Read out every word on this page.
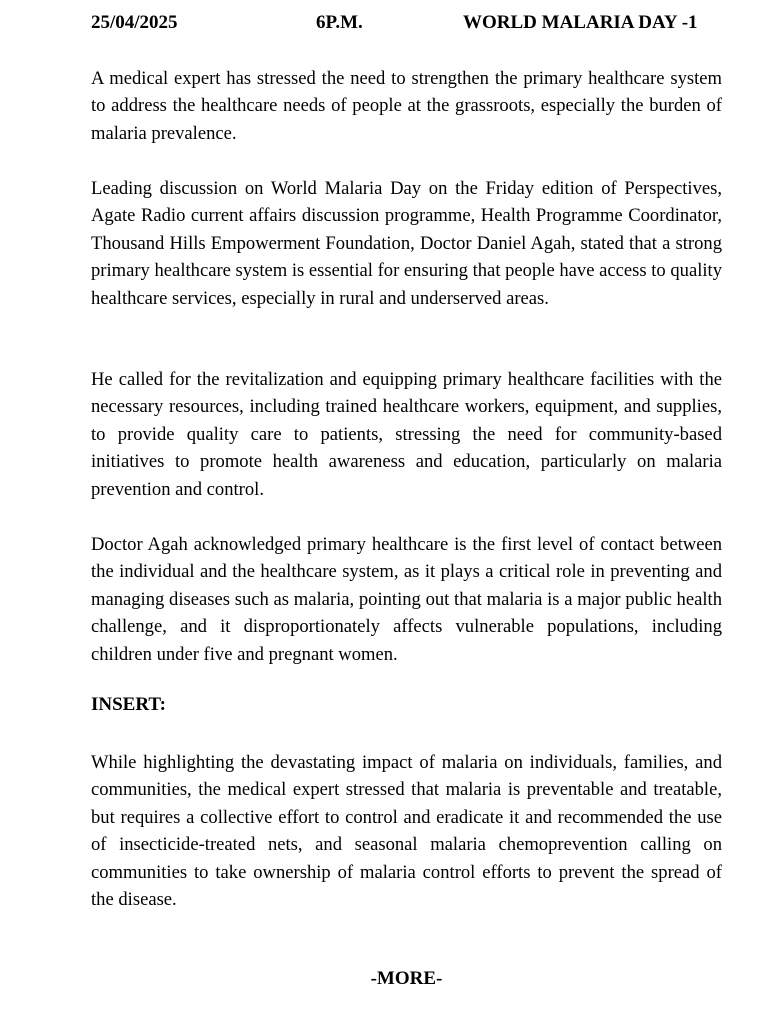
25/04/2025	6P.M.	WORLD MALARIA DAY -1

A medical expert has stressed the need to strengthen the primary healthcare system to address the healthcare needs of people at the grassroots, especially the burden of malaria prevalence.

Leading discussion on World Malaria Day on the Friday edition of Perspectives, Agate Radio current affairs discussion programme, Health Programme Coordinator, Thousand Hills Empowerment Foundation, Doctor Daniel Agah, stated that a strong primary healthcare system is essential for ensuring that people have access to quality healthcare services, especially in rural and underserved areas.

He called for the revitalization and equipping primary healthcare facilities with the necessary resources, including trained healthcare workers, equipment, and supplies, to provide quality care to patients, stressing the need for community-based initiatives to promote health awareness and education, particularly on malaria prevention and control.

Doctor Agah acknowledged primary healthcare is the first level of contact between the individual and the healthcare system, as it plays a critical role in preventing and managing diseases such as malaria, pointing out that malaria is a major public health challenge, and it disproportionately affects vulnerable populations, including children under five and pregnant women.

INSERT:

While highlighting the devastating impact of malaria on individuals, families, and communities, the medical expert stressed that malaria is preventable and treatable, but requires a collective effort to control and eradicate it and recommended the use of insecticide-treated nets, and seasonal malaria chemoprevention calling on communities to take ownership of malaria control efforts to prevent the spread of the disease.

-MORE-
